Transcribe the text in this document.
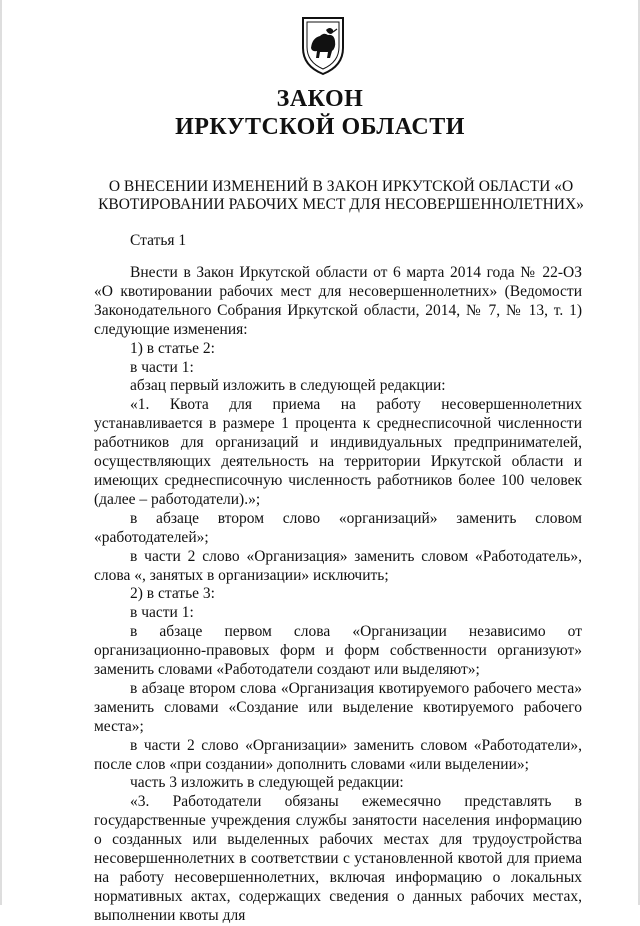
ЗАКОН
ИРКУТСКОЙ ОБЛАСТИ
О ВНЕСЕНИИ ИЗМЕНЕНИЙ В ЗАКОН ИРКУТСКОЙ ОБЛАСТИ «О КВОТИРОВАНИИ РАБОЧИХ МЕСТ ДЛЯ НЕСОВЕРШЕННОЛЕТНИХ»
Статья 1

Внести в Закон Иркутской области от 6 марта 2014 года № 22-ОЗ «О квотировании рабочих мест для несовершеннолетних» (Ведомости Законодательного Собрания Иркутской области, 2014, № 7, № 13, т. 1) следующие изменения:

1) в статье 2:

в части 1:

абзац первый изложить в следующей редакции:

«1. Квота для приема на работу несовершеннолетних устанавливается в размере 1 процента к среднесписочной численности работников для организаций и индивидуальных предпринимателей, осуществляющих деятельность на территории Иркутской области и имеющих среднесписочную численность работников более 100 человек (далее – работодатели).»;

в абзаце втором слово «организаций» заменить словом «работодателей»;

в части 2 слово «Организация» заменить словом «Работодатель», слова «, занятых в организации» исключить;

2) в статье 3:

в части 1:

в абзаце первом слова «Организации независимо от организационно-правовых форм и форм собственности организуют» заменить словами «Работодатели создают или выделяют»;

в абзаце втором слова «Организация квотируемого рабочего места» заменить словами «Создание или выделение квотируемого рабочего места»;

в части 2 слово «Организации» заменить словом «Работодатели», после слов «при создании» дополнить словами «или выделении»;

часть 3 изложить в следующей редакции:

«3. Работодатели обязаны ежемесячно представлять в государственные учреждения службы занятости населения информацию о созданных или выделенных рабочих местах для трудоустройства несовершеннолетних в соответствии с установленной квотой для приема на работу несовершеннолетних, включая информацию о локальных нормативных актах, содержащих сведения о данных рабочих местах, выполнении квоты для
